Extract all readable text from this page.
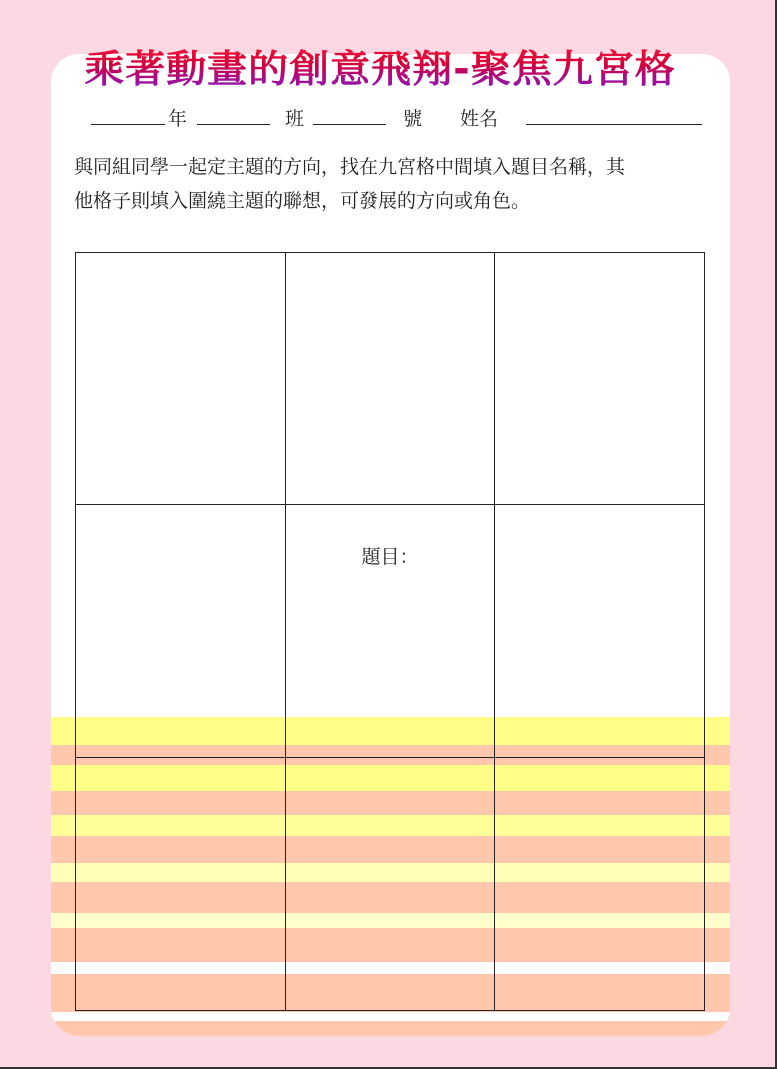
乘著動畫的創意飛翔-聚焦九宮格
年	班	號 姓名
與同組同學一起定主題的方向，找在九宮格中間填入題目名稱，其
他格子則填入圍繞主題的聯想，可發展的方向或角色。

	題目：	
